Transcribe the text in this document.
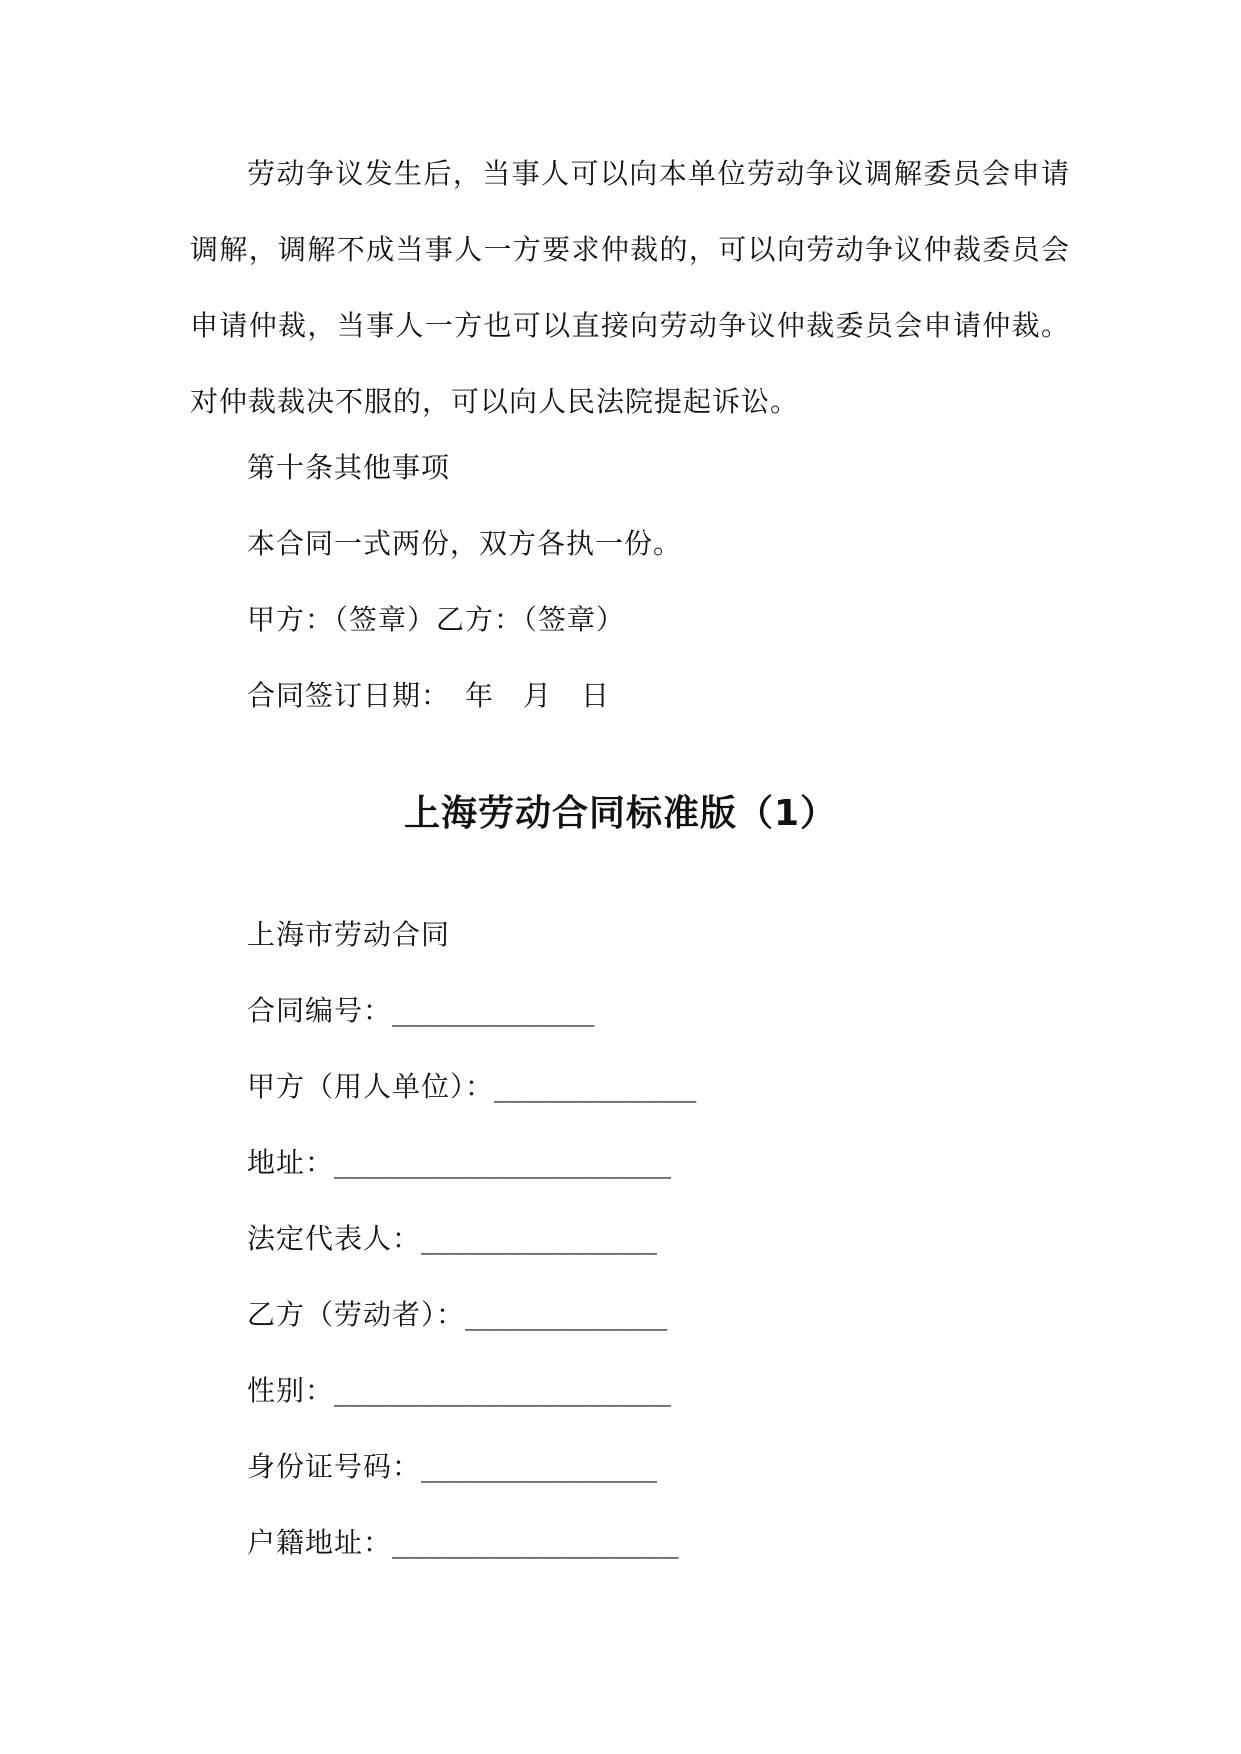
劳动争议发生后，当事人可以向本单位劳动争议调解委员会申请调解，调解不成当事人一方要求仲裁的，可以向劳动争议仲裁委员会申请仲裁，当事人一方也可以直接向劳动争议仲裁委员会申请仲裁。对仲裁裁决不服的，可以向人民法院提起诉讼。

第十条其他事项
本合同一式两份，双方各执一份。
甲方：（签章）乙方：（签章）
合同签订日期：　年　月　日
上海劳动合同标准版（1）
上海市劳动合同
合同编号：____________
甲方（用人单位）：____________
地址：____________________
法定代表人：______________
乙方（劳动者）：____________
性别：____________________
身份证号码：______________
户籍地址：_________________
